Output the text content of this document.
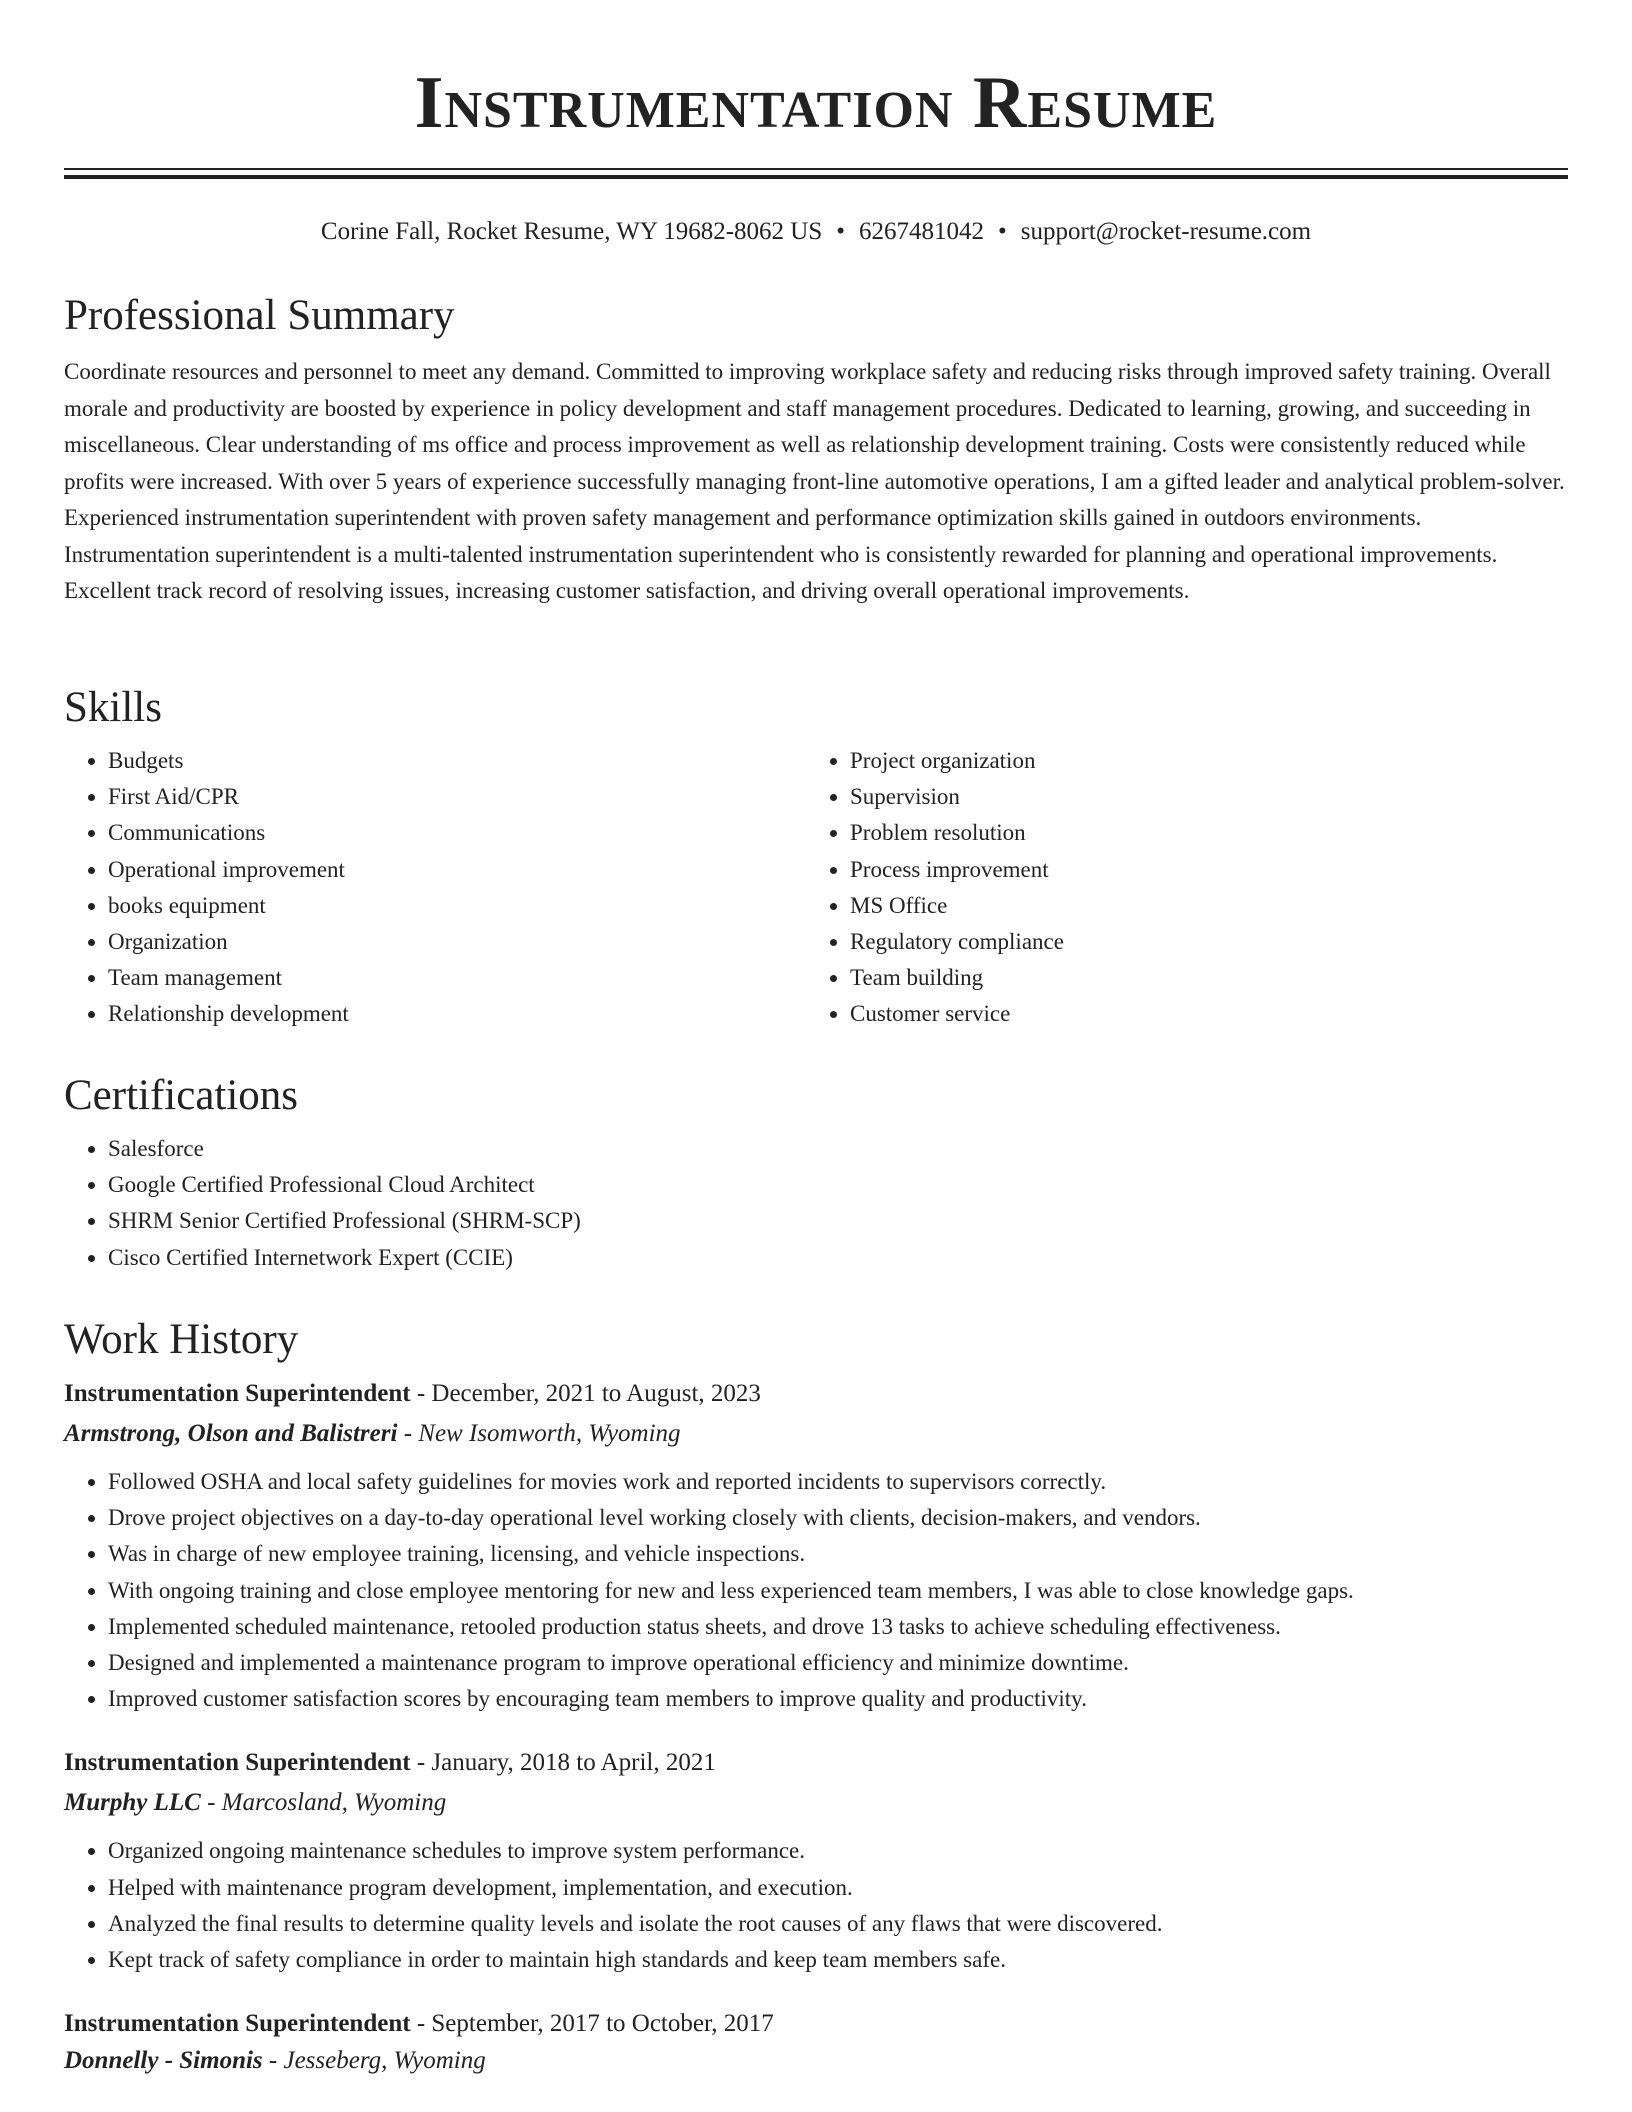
Instrumentation Resume
Corine Fall, Rocket Resume, WY 19682-8062 US • 6267481042 • support@rocket-resume.com
Professional Summary

Coordinate resources and personnel to meet any demand. Committed to improving workplace safety and reducing risks through improved safety training. Overall morale and productivity are boosted by experience in policy development and staff management procedures. Dedicated to learning, growing, and succeeding in miscellaneous. Clear understanding of ms office and process improvement as well as relationship development training. Costs were consistently reduced while profits were increased. With over 5 years of experience successfully managing front-line automotive operations, I am a gifted leader and analytical problem-solver. Experienced instrumentation superintendent with proven safety management and performance optimization skills gained in outdoors environments. Instrumentation superintendent is a multi-talented instrumentation superintendent who is consistently rewarded for planning and operational improvements. Excellent track record of resolving issues, increasing customer satisfaction, and driving overall operational improvements.

Skills
• Budgets
• First Aid/CPR
• Communications
• Operational improvement
• books equipment
• Organization
• Team management
• Relationship development
• Project organization
• Supervision
• Problem resolution
• Process improvement
• MS Office
• Regulatory compliance
• Team building
• Customer service
Certifications
• Salesforce
• Google Certified Professional Cloud Architect
• SHRM Senior Certified Professional (SHRM-SCP)
• Cisco Certified Internetwork Expert (CCIE)
Work History

Instrumentation Superintendent - December, 2021 to August, 2023

Armstrong, Olson and Balistreri - New Isomworth, Wyoming

• Followed OSHA and local safety guidelines for movies work and reported incidents to supervisors correctly.
• Drove project objectives on a day-to-day operational level working closely with clients, decision-makers, and vendors.
• Was in charge of new employee training, licensing, and vehicle inspections.
• With ongoing training and close employee mentoring for new and less experienced team members, I was able to close knowledge gaps.
• Implemented scheduled maintenance, retooled production status sheets, and drove 13 tasks to achieve scheduling effectiveness.
• Designed and implemented a maintenance program to improve operational efficiency and minimize downtime.
• Improved customer satisfaction scores by encouraging team members to improve quality and productivity.

Instrumentation Superintendent - January, 2018 to April, 2021

Murphy LLC - Marcosland, Wyoming

• Organized ongoing maintenance schedules to improve system performance.
• Helped with maintenance program development, implementation, and execution.
• Analyzed the final results to determine quality levels and isolate the root causes of any flaws that were discovered.
• Kept track of safety compliance in order to maintain high standards and keep team members safe.

Instrumentation Superintendent - September, 2017 to October, 2017

Donnelly - Simonis - Jesseberg, Wyoming
